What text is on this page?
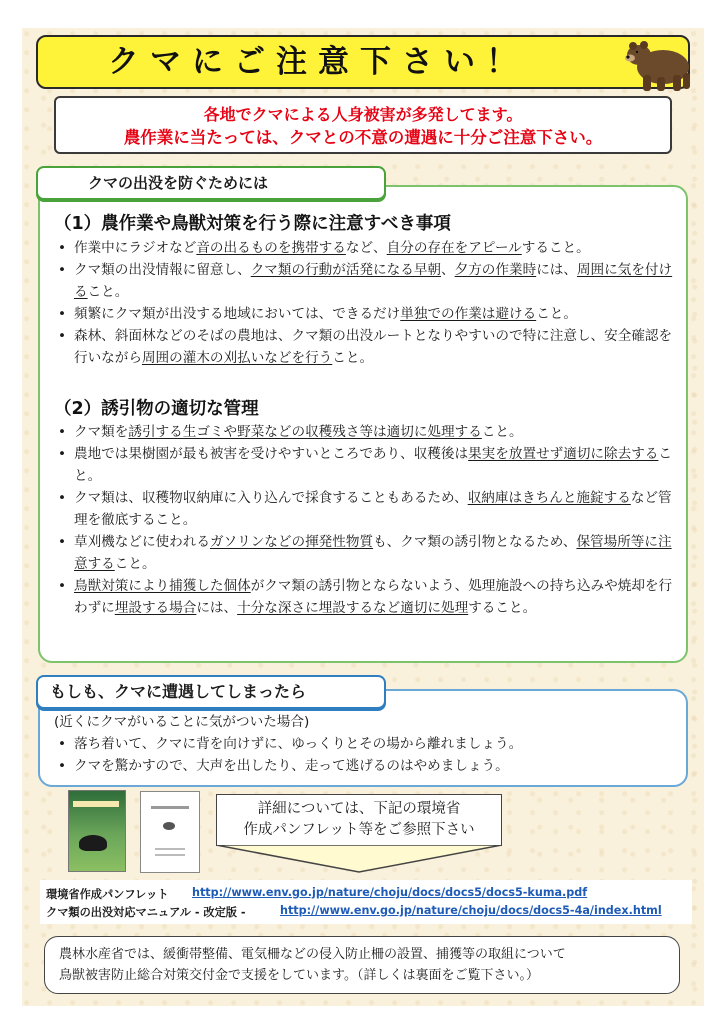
クマにご注意下さい！
各地でクマによる人身被害が多発してます。
農作業に当たっては、クマとの不意の遭遇に十分ご注意下さい。
クマの出没を防ぐためには
（1）農作業や鳥獣対策を行う際に注意すべき事項
• 作業中にラジオなど音の出るものを携帯するなど、自分の存在をアピールすること。
• クマ類の出没情報に留意し、クマ類の行動が活発になる早朝、夕方の作業時には、周囲に気を付けること。
• 頻繁にクマ類が出没する地域においては、できるだけ単独での作業は避けること。
• 森林、斜面林などのそばの農地は、クマ類の出没ルートとなりやすいので特に注意し、安全確認を行いながら周囲の灌木の刈払いなどを行うこと。
（2）誘引物の適切な管理
• クマ類を誘引する生ゴミや野菜などの収穫残さ等は適切に処理すること。
• 農地では果樹園が最も被害を受けやすいところであり、収穫後は果実を放置せず適切に除去すること。
• クマ類は、収穫物収納庫に入り込んで採食することもあるため、収納庫はきちんと施錠するなど管理を徹底すること。
• 草刈機などに使われるガソリンなどの揮発性物質も、クマ類の誘引物となるため、保管場所等に注意すること。
• 鳥獣対策により捕獲した個体がクマ類の誘引物とならないよう、処理施設への持ち込みや焼却を行わずに埋設する場合には、十分な深さに埋設するなど適切に処理すること。
もしも、クマに遭遇してしまったら
(近くにクマがいることに気がついた場合)
• 落ち着いて、クマに背を向けずに、ゆっくりとその場から離れましょう。
• クマを驚かすので、大声を出したり、走って逃げるのはやめましょう。
詳細については、下記の環境省
作成パンフレット等をご参照下さい
環境省作成パンフレット http://www.env.go.jp/nature/choju/docs/docs5/docs5-kuma.pdf
クマ類の出没対応マニュアル - 改定版 -	http://www.env.go.jp/nature/choju/docs/docs5-4a/index.html
農林水産省では、緩衝帯整備、電気柵などの侵入防止柵の設置、捕獲等の取組について
鳥獣被害防止総合対策交付金で支援をしています。（詳しくは裏面をご覧下さい。）
